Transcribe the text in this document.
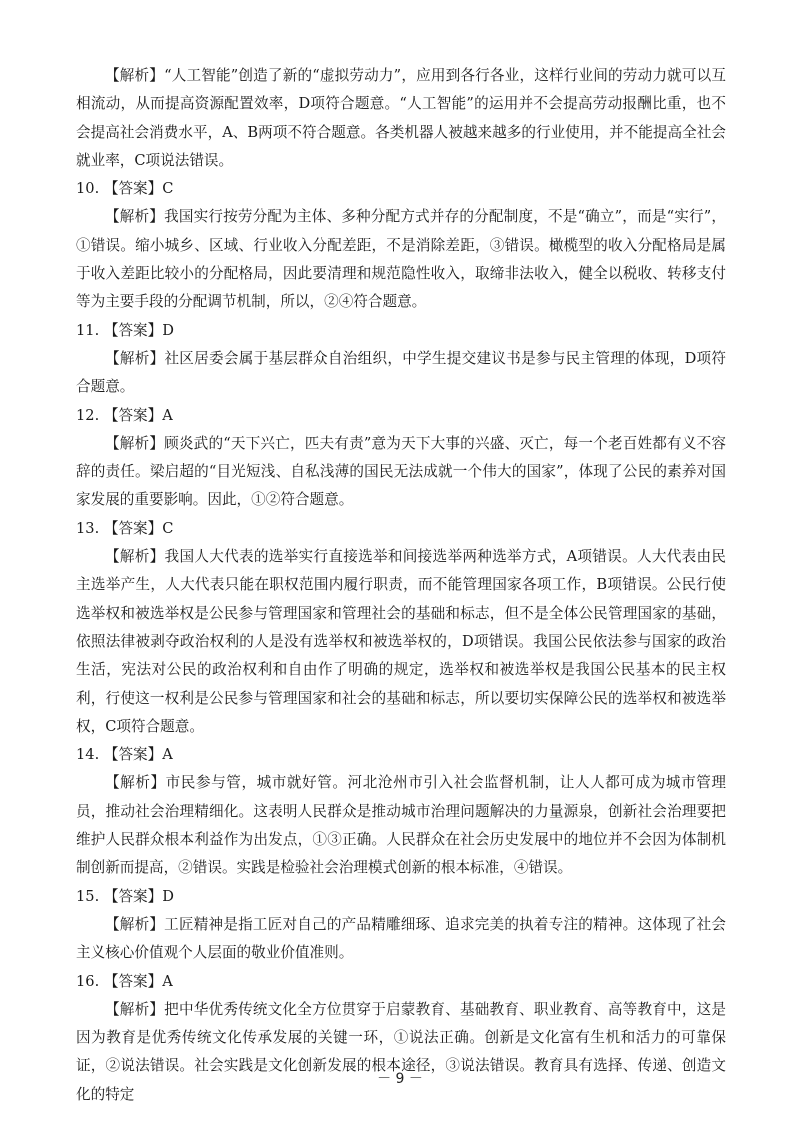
【解析】“人工智能”创造了新的“虚拟劳动力”，应用到各行各业，这样行业间的劳动力就可以互相流动，从而提高资源配置效率，D项符合题意。“人工智能”的运用并不会提高劳动报酬比重，也不会提高社会消费水平，A、B两项不符合题意。各类机器人被越来越多的行业使用，并不能提高全社会就业率，C项说法错误。

10. 【答案】C

【解析】我国实行按劳分配为主体、多种分配方式并存的分配制度，不是“确立”，而是“实行”，①错误。缩小城乡、区域、行业收入分配差距，不是消除差距，③错误。橄榄型的收入分配格局是属于收入差距比较小的分配格局，因此要清理和规范隐性收入，取缔非法收入，健全以税收、转移支付等为主要手段的分配调节机制，所以，②④符合题意。

11. 【答案】D

【解析】社区居委会属于基层群众自治组织，中学生提交建议书是参与民主管理的体现，D项符合题意。

12. 【答案】A

【解析】顾炎武的“天下兴亡，匹夫有责”意为天下大事的兴盛、灭亡，每一个老百姓都有义不容辞的责任。梁启超的“目光短浅、自私浅薄的国民无法成就一个伟大的国家”，体现了公民的素养对国家发展的重要影响。因此，①②符合题意。

13. 【答案】C

【解析】我国人大代表的选举实行直接选举和间接选举两种选举方式，A项错误。人大代表由民主选举产生，人大代表只能在职权范围内履行职责，而不能管理国家各项工作，B项错误。公民行使选举权和被选举权是公民参与管理国家和管理社会的基础和标志，但不是全体公民管理国家的基础，依照法律被剥夺政治权利的人是没有选举权和被选举权的，D项错误。我国公民依法参与国家的政治生活，宪法对公民的政治权利和自由作了明确的规定，选举权和被选举权是我国公民基本的民主权利，行使这一权利是公民参与管理国家和社会的基础和标志，所以要切实保障公民的选举权和被选举权，C项符合题意。

14. 【答案】A

【解析】市民参与管，城市就好管。河北沧州市引入社会监督机制，让人人都可成为城市管理员，推动社会治理精细化。这表明人民群众是推动城市治理问题解决的力量源泉，创新社会治理要把维护人民群众根本利益作为出发点，①③正确。人民群众在社会历史发展中的地位并不会因为体制机制创新而提高，②错误。实践是检验社会治理模式创新的根本标准，④错误。

15. 【答案】D

【解析】工匠精神是指工匠对自己的产品精雕细琢、追求完美的执着专注的精神。这体现了社会主义核心价值观个人层面的敬业价值准则。

16. 【答案】A

【解析】把中华优秀传统文化全方位贯穿于启蒙教育、基础教育、职业教育、高等教育中，这是因为教育是优秀传统文化传承发展的关键一环，①说法正确。创新是文化富有生机和活力的可靠保证，②说法错误。社会实践是文化创新发展的根本途径，③说法错误。教育具有选择、传递、创造文化的特定

－ 9 －
